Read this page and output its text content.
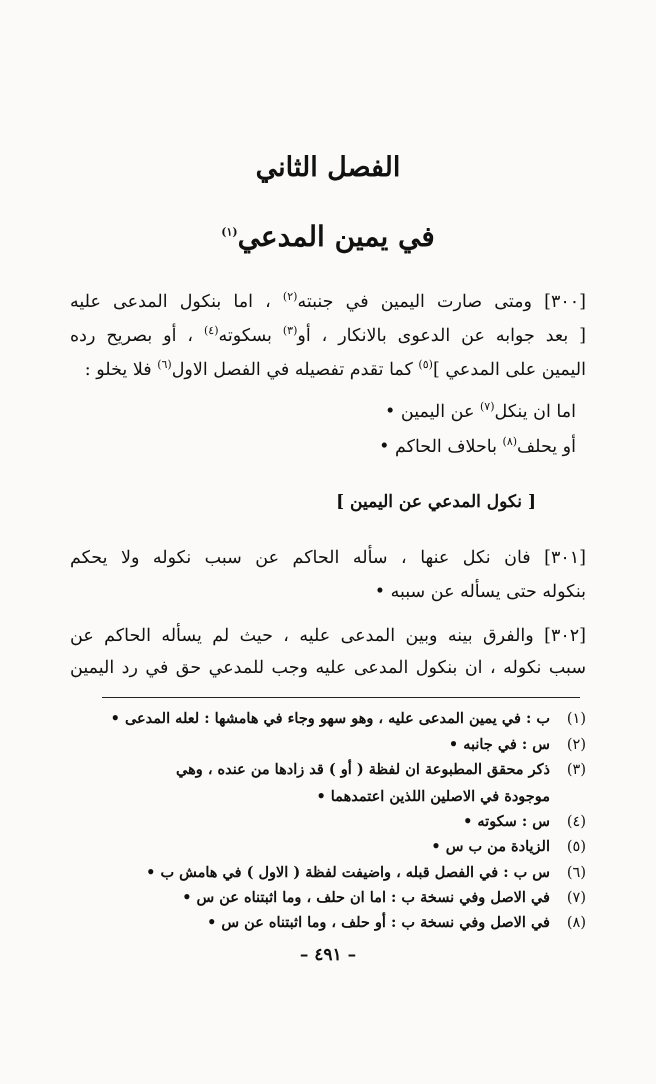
الفصل الثاني
في يمين المدعي$^{(١)}$
[٣٠٠] ومتى صارت اليمين في جنبته$^{(٢)}$ ، اما بنكول المدعى عليه
[ بعد جوابه عن الدعوى بالانكار ، أو$^{(٣)}$ بسكوته$^{(٤)}$ ، أو بصريح رده
اليمين على المدعي ]$^{(٥)}$ كما تقدم تفصيله في الفصل الاول$^{(٦)}$ فلا يخلو :
اما ان ينكل$^{(٧)}$ عن اليمين •
أو يحلف$^{(٨)}$ باحلاف الحاكم •
[ نكول المدعي عن اليمين ]
[٣٠١] فان نكل عنها ، سأله الحاكم عن سبب نكوله ولا يحكم
بنكوله حتى يسأله عن سببه •
[٣٠٢] والفرق بينه وبين المدعى عليه ، حيث لم يسأله الحاكم عن
سبب نكوله ، ان بنكول المدعى عليه وجب للمدعي حق في رد اليمين
(١)ب : في يمين المدعى عليه ، وهو سهو وجاء في هامشها : لعله المدعى •
(٢)س : في جانبه •
(٣)ذكر محقق المطبوعة ان لفظة ( أو ) قد زادها من عنده ، وهي
موجودة في الاصلين اللذين اعتمدهما •
(٤)س : سكوته •
(٥)الزيادة من ب س •
(٦)س ب : في الفصل قبله ، واضيفت لفظة ( الاول ) في هامش ب •
(٧)في الاصل وفي نسخة ب : اما ان حلف ، وما اثبتناه عن س •
(٨)في الاصل وفي نسخة ب : أو حلف ، وما اثبتناه عن س •
– ٤٩١ –
